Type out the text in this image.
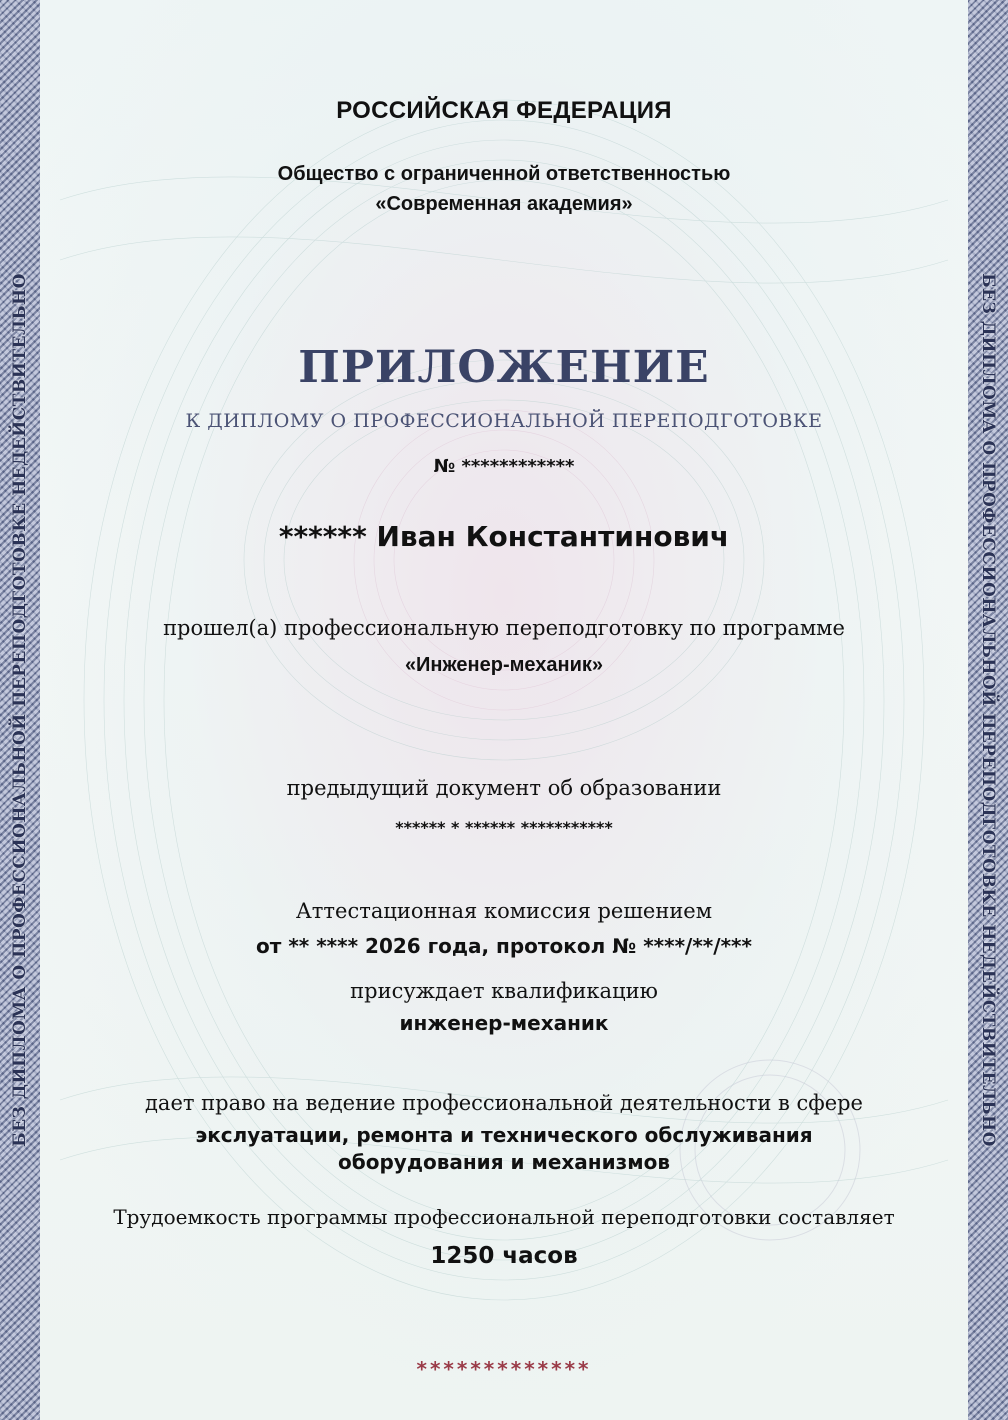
БЕЗ ДИПЛОМА О ПРОФЕССИОНАЛЬНОЙ ПЕРЕПОДГОТОВКЕ НЕДЕЙСТВИТЕЛЬНО	БЕЗ ДИПЛОМА О ПРОФЕССИОНАЛЬНОЙ ПЕРЕПОДГОТОВКЕ НЕДЕЙСТВИТЕЛЬНО
РОССИЙСКАЯ ФЕДЕРАЦИЯ
Общество с ограниченной ответственностью
«Современная академия»
ПРИЛОЖЕНИЕ
К ДИПЛОМУ О ПРОФЕССИОНАЛЬНОЙ ПЕРЕПОДГОТОВКЕ
№ ************
****** Иван Константинович
прошел(а) профессиональную переподготовку по программе
«Инженер-механик»
предыдущий документ об образовании
****** * ****** ***********
Аттестационная комиссия решением
от ** **** 2026 года, протокол № ****/**/***
присуждает квалификацию
инженер-механик
дает право на ведение профессиональной деятельности в сфере
экслуатации, ремонта и технического обслуживания
оборудования и механизмов
Трудоемкость программы профессиональной переподготовки составляет
1250 часов
*************
